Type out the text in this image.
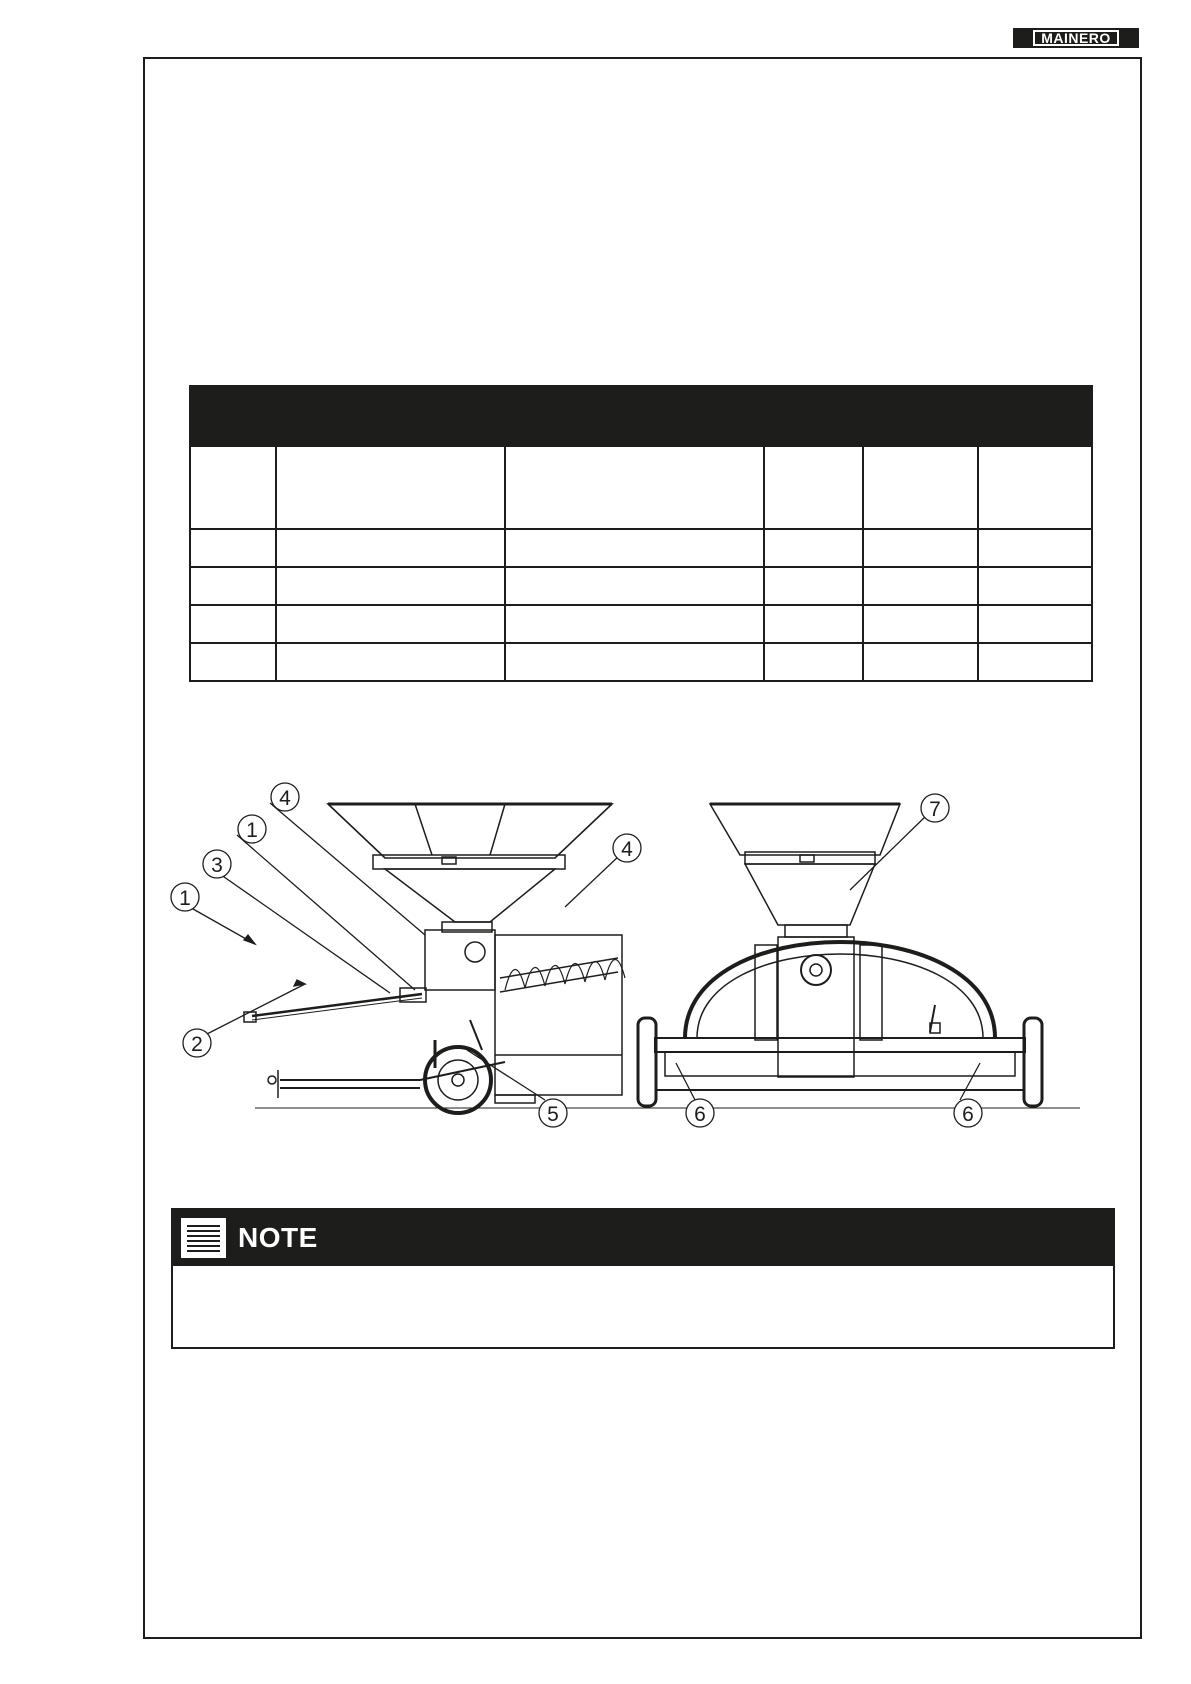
MAINERO

4
1
3
1
2
4
5
7
6	6
NOTE
